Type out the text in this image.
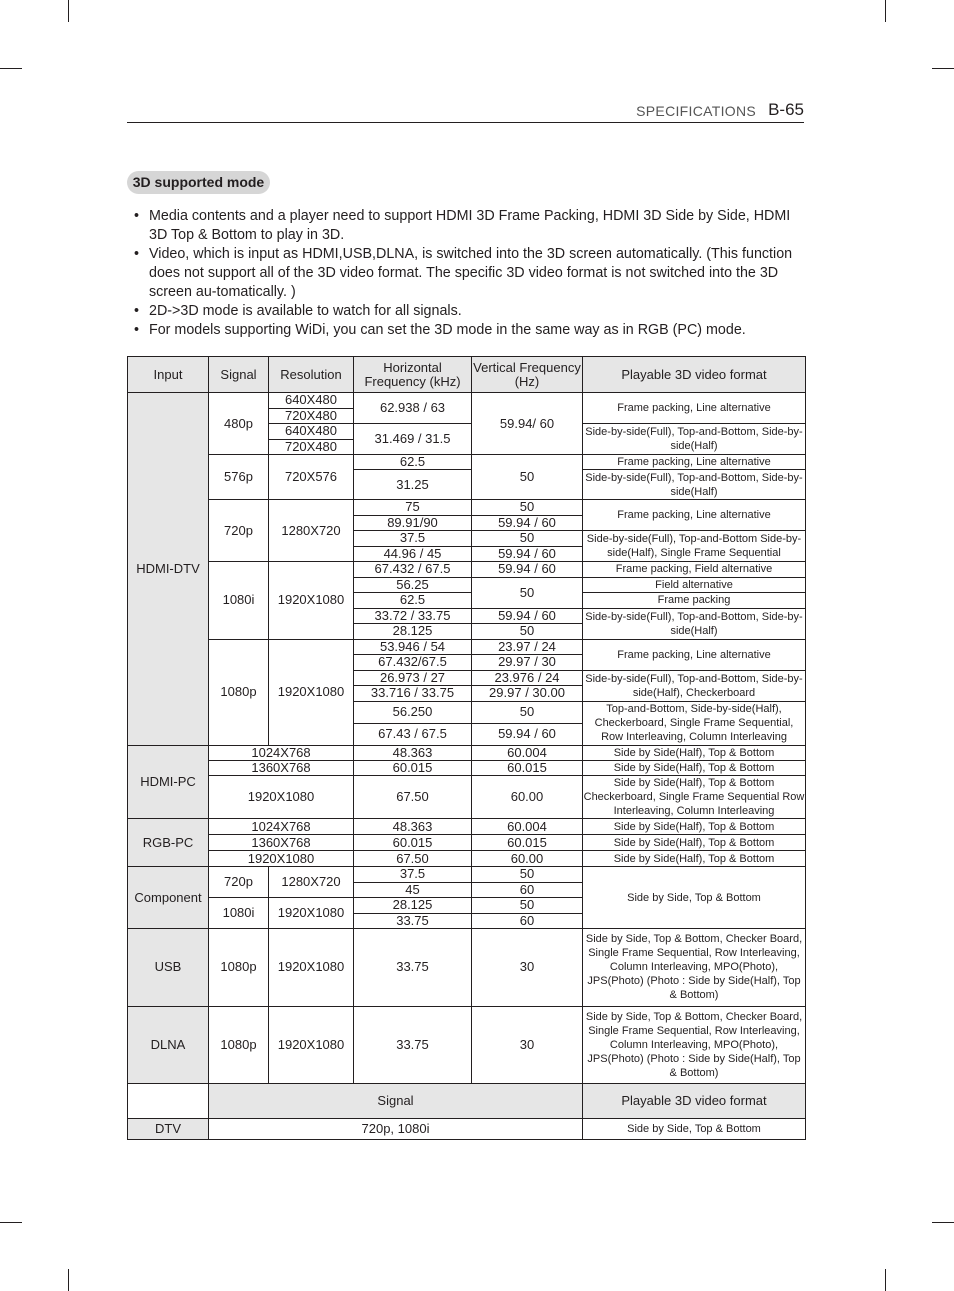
SPECIFICATIONS B-65
3D supported mode
• Media contents and a player need to support HDMI 3D Frame Packing, HDMI 3D Side by Side, HDMI 3D Top & Bottom to play in 3D.
• Video, which is input as HDMI,USB,DLNA, is switched into the 3D screen automatically. (This function does not support all of the 3D video format. The specific 3D video format is not switched into the 3D screen au-tomatically. )
• 2D->3D mode is available to watch for all signals.
• For models supporting WiDi, you can set the 3D mode in the same way as in RGB (PC) mode.
Input	Signal	Resolution	Horizontal Frequency (kHz)	Vertical Frequency (Hz)	Playable 3D video format
HDMI-DTV	480p	640X480	62.938 / 63	59.94/ 60	Frame packing, Line alternative
		720X480			
		640X480	31.469 / 31.5		Side-by-side(Full), Top-and-Bottom, Side-by-side(Half)
		720X480			
	576p	720X576	62.5	50	Frame packing, Line alternative
			31.25		Side-by-side(Full), Top-and-Bottom, Side-by-side(Half)

	720p	1280X720	75	50	Frame packing, Line alternative
			89.91/90	59.94 / 60	
			37.5	50	Side-by-side(Full), Top-and-Bottom Side-by-side(Half), Single Frame Sequential
			44.96 / 45	59.94 / 60	
	1080i	1920X1080	67.432 / 67.5	59.94 / 60	Frame packing, Field alternative
			56.25	50	Field alternative
			62.5		Frame packing
			33.72 / 33.75	59.94 / 60	Side-by-side(Full), Top-and-Bottom, Side-by-side(Half)
			28.125	50	
	1080p	1920X1080	53.946 / 54	23.97 / 24	Frame packing, Line alternative
			67.432/67.5	29.97 / 30	
			26.973 / 27	23.976 / 24	Side-by-side(Full), Top-and-Bottom, Side-by-side(Half), Checkerboard
			33.716 / 33.75	29.97 / 30.00	
			56.250	50	Top-and-Bottom, Side-by-side(Half), Checkerboard, Single Frame Sequential, Row Interleaving, Column Interleaving

			67.43 / 67.5	59.94 / 60	

HDMI-PC	1024X768		48.363	60.004	Side by Side(Half), Top & Bottom
	1360X768		60.015	60.015	Side by Side(Half), Top & Bottom
	1920X1080		67.50	60.00	Side by Side(Half), Top & Bottom Checkerboard, Single Frame Sequential Row Interleaving, Column Interleaving

RGB-PC	1024X768		48.363	60.004	Side by Side(Half), Top & Bottom
	1360X768		60.015	60.015	Side by Side(Half), Top & Bottom
	1920X1080		67.50	60.00	Side by Side(Half), Top & Bottom
Component	720p	1280X720	37.5	50	Side by Side, Top & Bottom
			45	60	
	1080i	1920X1080	28.125	50	
			33.75	60	
USB	1080p	1920X1080	33.75	30	Side by Side, Top & Bottom, Checker Board, Single Frame Sequential, Row Interleaving, Column Interleaving, MPO(Photo), JPS(Photo) (Photo : Side by Side(Half), Top & Bottom)

DLNA	1080p	1920X1080	33.75	30	Side by Side, Top & Bottom, Checker Board, Single Frame Sequential, Row Interleaving, Column Interleaving, MPO(Photo), JPS(Photo) (Photo : Side by Side(Half), Top & Bottom)

	Signal				Playable 3D video format
DTV	720p, 1080i				Side by Side, Top & Bottom
